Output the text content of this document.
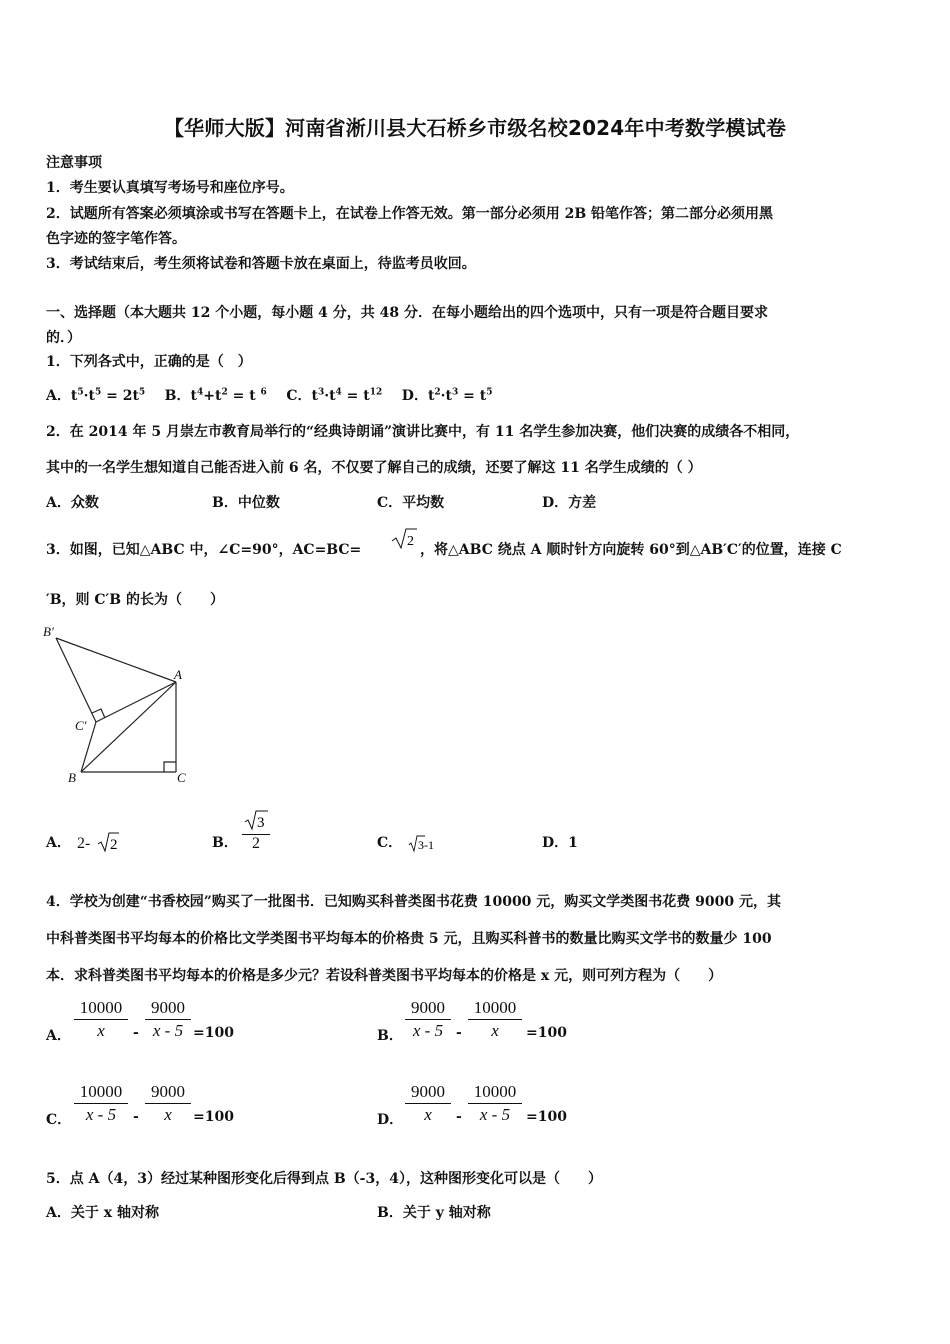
【华师大版】河南省淅川县大石桥乡市级名校2024年中考数学模试卷
注意事项
1．考生要认真填写考场号和座位序号。
2．试题所有答案必须填涂或书写在答题卡上，在试卷上作答无效。第一部分必须用 2B 铅笔作答；第二部分必须用黑
色字迹的签字笔作答。
3．考试结束后，考生须将试卷和答题卡放在桌面上，待监考员收回。
一、选择题（本大题共 12 个小题，每小题 4 分，共 48 分．在每小题给出的四个选项中，只有一项是符合题目要求
的．）
1．下列各式中，正确的是（　）
A．$t^5\cdot t^5 = 2t^5$ B．$t^4+t^2 = t$ $^6$ C．$t^3\cdot t^4 = t^{12}$ D．$t^2\cdot t^3 = t^5$
2．在 2014 年 5 月崇左市教育局举行的“经典诗朗诵”演讲比赛中，有 11 名学生参加决赛，他们决赛的成绩各不相同，
其中的一名学生想知道自己能否进入前 6 名，不仅要了解自己的成绩，还要了解这 11 名学生成绩的（ ）
A．众数	B．中位数	C．平均数	D．方差
3．如图，已知△ABC 中，∠C=90°，AC=BC=
2
，将△ABC 绕点 A 顺时针方向旋转 60°到△AB′C′的位置，连接 C
′B，则 C′B 的长为（　　）
B′
A
C′
B	C
A． 2- 2	B．
3
2	C． 3-1	D．1
4．学校为创建“书香校园”购买了一批图书．已知购买科普类图书花费 10000 元，购买文学类图书花费 9000 元，其
中科普类图书平均每本的价格比文学类图书平均每本的价格贵 5 元，且购买科普书的数量比购买文学书的数量少 100
本．求科普类图书平均每本的价格是多少元？若设科普类图书平均每本的价格是 x 元，则可列方程为（　　）
A． $\frac{10000}{x} - \frac{9000}{x - 5} =100$	B． $\frac{9000}{x - 5} - \frac{10000}{x} =100$
C． $\frac{10000}{x - 5} - \frac{9000}{x} =100$	D． $\frac{9000}{x} - \frac{10000}{x - 5} =100$
5．点 A（4，3）经过某种图形变化后得到点 B（-3，4），这种图形变化可以是（　　）
A．关于 x 轴对称	B．关于 y 轴对称
